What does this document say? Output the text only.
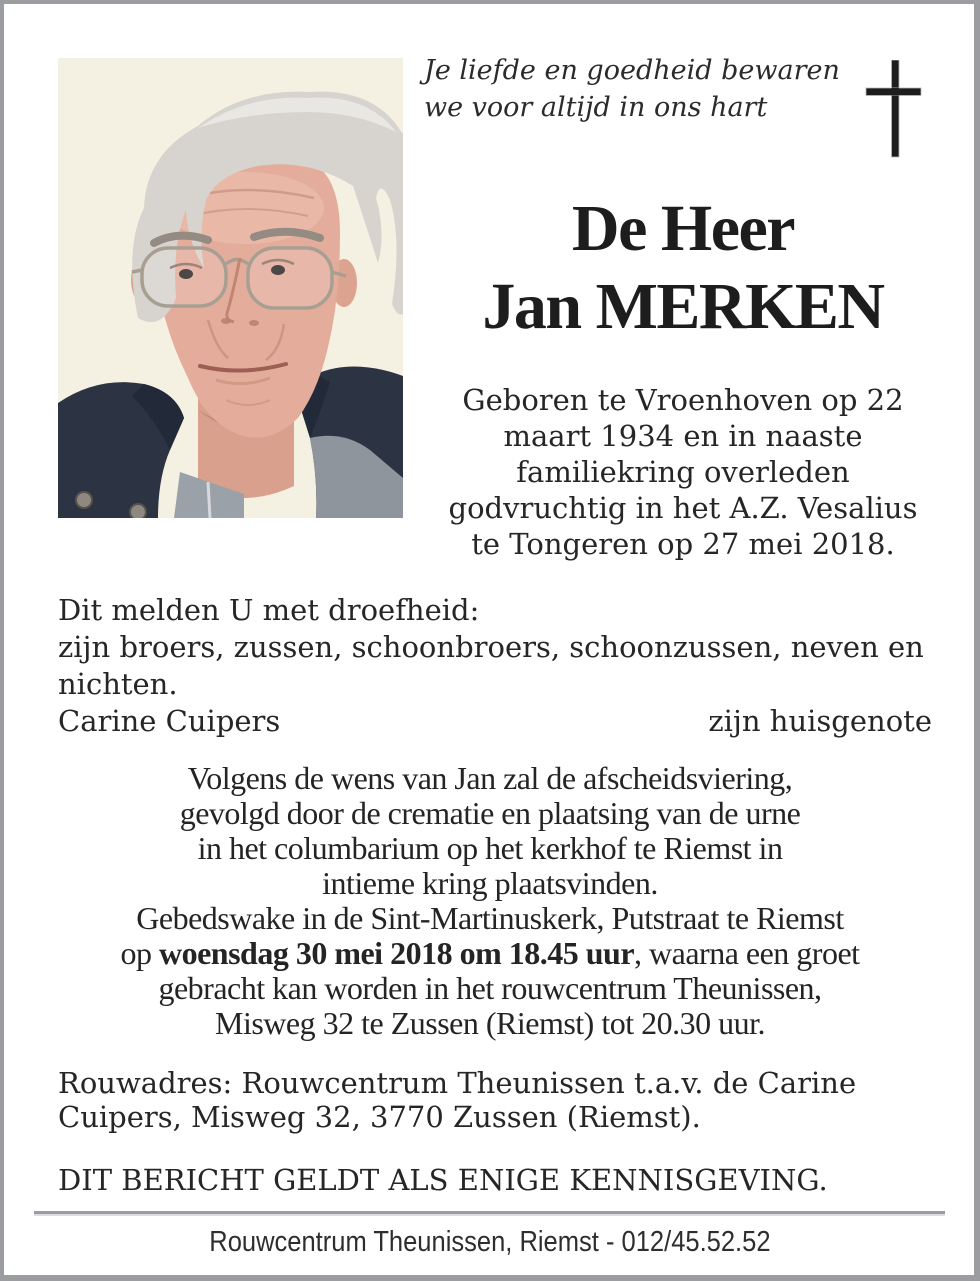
Je liefde en goedheid bewaren
we voor altijd in ons hart
De Heer
Jan MERKEN
Geboren te Vroenhoven op 22
maart 1934 en in naaste
familiekring overleden
godvruchtig in het A.Z. Vesalius
te Tongeren op 27 mei 2018.
Dit melden U met droefheid:
zijn broers, zussen, schoonbroers, schoonzussen, neven en
nichten.
Carine Cuipers	zijn huisgenote
Volgens de wens van Jan zal de afscheidsviering,
gevolgd door de crematie en plaatsing van de urne
in het columbarium op het kerkhof te Riemst in
intieme kring plaatsvinden.
Gebedswake in de Sint-Martinuskerk, Putstraat te Riemst
op woensdag 30 mei 2018 om 18.45 uur, waarna een groet
gebracht kan worden in het rouwcentrum Theunissen,
Misweg 32 te Zussen (Riemst) tot 20.30 uur.
Rouwadres: Rouwcentrum Theunissen t.a.v. de Carine
Cuipers, Misweg 32, 3770 Zussen (Riemst).
DIT BERICHT GELDT ALS ENIGE KENNISGEVING.
Rouwcentrum Theunissen, Riemst - 012/45.52.52
